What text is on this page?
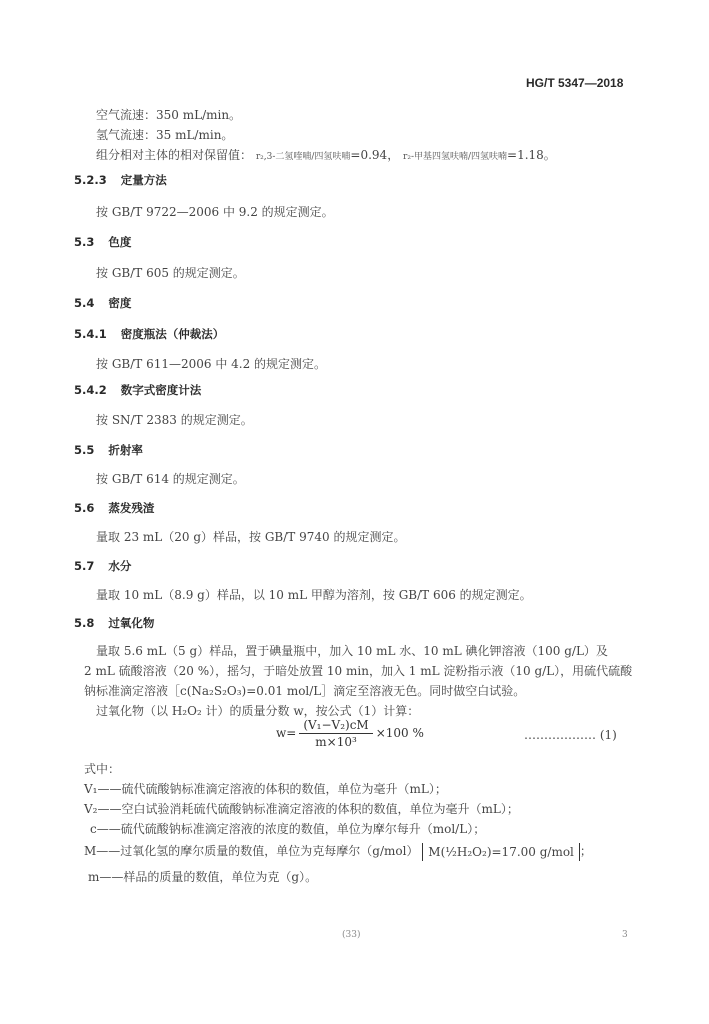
HG/T 5347—2018
空气流速：350 mL/min。
氢气流速：35 mL/min。
组分相对主体的相对保留值： r₂,3-二氢喹喃/四氢呋喃=0.94， r₂-甲基四氢呋喃/四氢呋喃=1.18。
5.2.3 定量方法
按 GB/T 9722—2006 中 9.2 的规定测定。
5.3 色度
按 GB/T 605 的规定测定。
5.4 密度
5.4.1 密度瓶法（仲裁法）
按 GB/T 611—2006 中 4.2 的规定测定。
5.4.2 数字式密度计法
按 SN/T 2383 的规定测定。
5.5 折射率
按 GB/T 614 的规定测定。
5.6 蒸发残渣
量取 23 mL（20 g）样品，按 GB/T 9740 的规定测定。
5.7 水分
量取 10 mL（8.9 g）样品，以 10 mL 甲醇为溶剂，按 GB/T 606 的规定测定。
5.8 过氧化物
量取 5.6 mL（5 g）样品，置于碘量瓶中，加入 10 mL 水、10 mL 碘化钾溶液（100 g/L）及
2 mL 硫酸溶液（20 %），摇匀，于暗处放置 10 min，加入 1 mL 淀粉指示液（10 g/L），用硫代硫酸
钠标准滴定溶液［c(Na₂S₂O₃)=0.01 mol/L］滴定至溶液无色。同时做空白试验。
过氧化物（以 H₂O₂ 计）的质量分数 w，按公式（1）计算：
$w= \frac{\text{(V₁−V₂)cM}}{\text{m×10³}} \times 100$ %	……………… (1)
式中：
V₁——硫代硫酸钠标准滴定溶液的体积的数值，单位为毫升（mL）；
V₂——空白试验消耗硫代硫酸钠标准滴定溶液的体积的数值，单位为毫升（mL）；
c——硫代硫酸钠标准滴定溶液的浓度的数值，单位为摩尔每升（mol/L）；
M——过氧化氢的摩尔质量的数值，单位为克每摩尔（g/mol） M(½H₂O₂)=17.00 g/mol ；
m——样品的质量的数值，单位为克（g）。
(33)	3
